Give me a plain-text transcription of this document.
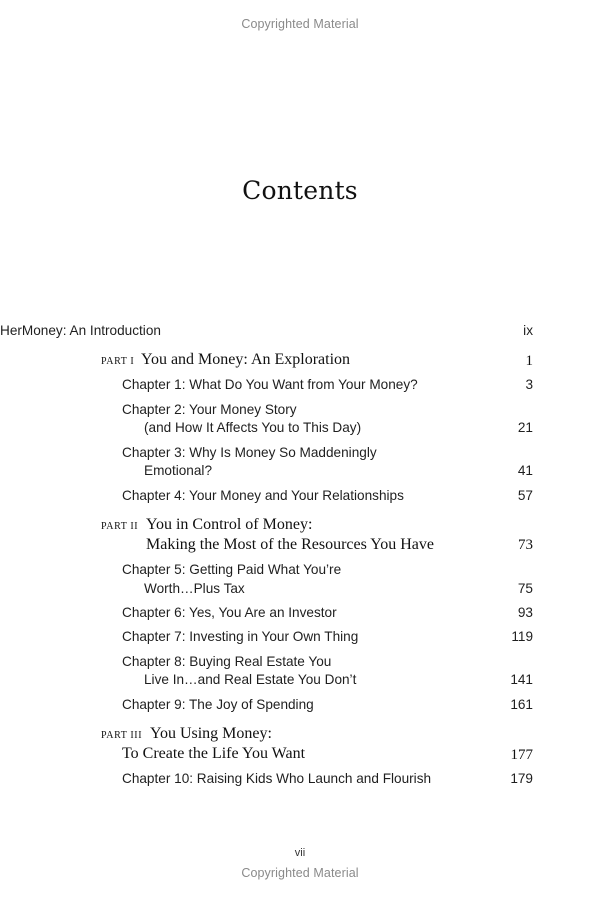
Copyrighted Material
Contents
HerMoney: An Introduction	ix
PART I You and Money: An Exploration	1
Chapter 1: What Do You Want from Your Money?	3
Chapter 2: Your Money Story
(and How It Affects You to This Day)	21
Chapter 3: Why Is Money So Maddeningly
Emotional?	41
Chapter 4: Your Money and Your Relationships	57
PART II You in Control of Money:
Making the Most of the Resources You Have	73
Chapter 5: Getting Paid What You’re
Worth…Plus Tax	75
Chapter 6: Yes, You Are an Investor	93
Chapter 7: Investing in Your Own Thing	119
Chapter 8: Buying Real Estate You
Live In…and Real Estate You Don’t	141
Chapter 9: The Joy of Spending	161
PART III You Using Money:
To Create the Life You Want	177
Chapter 10: Raising Kids Who Launch and Flourish	179
vii
Copyrighted Material
